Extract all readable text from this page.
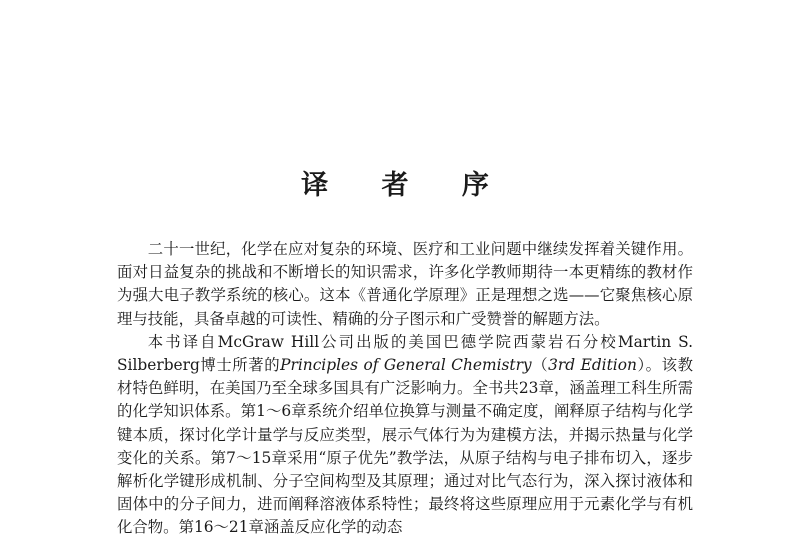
译 者 序

二十一世纪，化学在应对复杂的环境、医疗和工业问题中继续发挥着关键作用。面对日益复杂的挑战和不断增长的知识需求，许多化学教师期待一本更精练的教材作为强大电子教学系统的核心。这本《普通化学原理》正是理想之选——它聚焦核心原理与技能，具备卓越的可读性、精确的分子图示和广受赞誉的解题方法。

本书译自McGraw Hill公司出版的美国巴德学院西蒙岩石分校Martin S. Silberberg博士所著的Principles of General Chemistry（3rd Edition）。该教材特色鲜明，在美国乃至全球多国具有广泛影响力。全书共23章，涵盖理工科生所需的化学知识体系。第1～6章系统介绍单位换算与测量不确定度，阐释原子结构与化学键本质，探讨化学计量学与反应类型，展示气体行为为建模方法，并揭示热量与化学变化的关系。第7～15章采用“原子优先”教学法，从原子结构与电子排布切入，逐步解析化学键形成机制、分子空间构型及其原理；通过对比气态行为，深入探讨液体和固体中的分子间力，进而阐释溶液体系特性；最终将这些原理应用于元素化学与有机化合物。第16～21章涵盖反应化学的动态
